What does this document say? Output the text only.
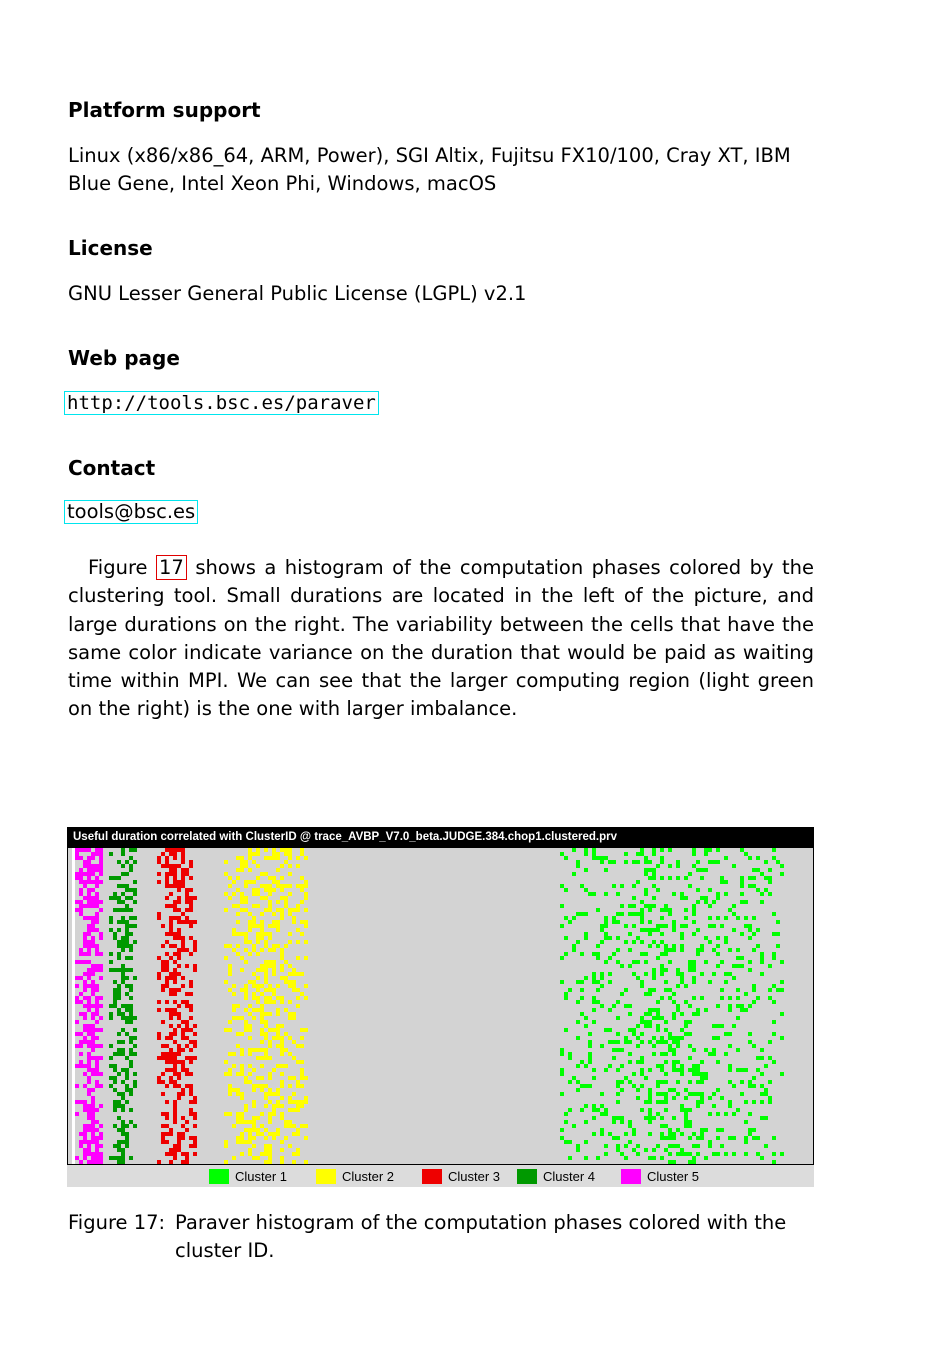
Platform support
Linux (x86/x86_64, ARM, Power), SGI Altix, Fujitsu FX10/100, Cray XT, IBM Blue Gene, Intel Xeon Phi, Windows, macOS
License
GNU Lesser General Public License (LGPL) v2.1
Web page
http://tools.bsc.es/paraver
Contact
tools@bsc.es
Figure 17 shows a histogram of the computation phases colored by the clustering tool. Small durations are located in the left of the picture, and large durations on the right. The variability between the cells that have the same color indicate variance on the duration that would be paid as waiting time within MPI. We can see that the larger computing region (light green on the right) is the one with larger imbalance.
Useful duration correlated with ClusterID @ trace_AVBP_V7.0_beta.JUDGE.384.chop1.clustered.prv
Cluster 1	Cluster 2	Cluster 3	Cluster 4	Cluster 5
Figure 17: Paraver histogram of the computation phases colored with the cluster ID.
